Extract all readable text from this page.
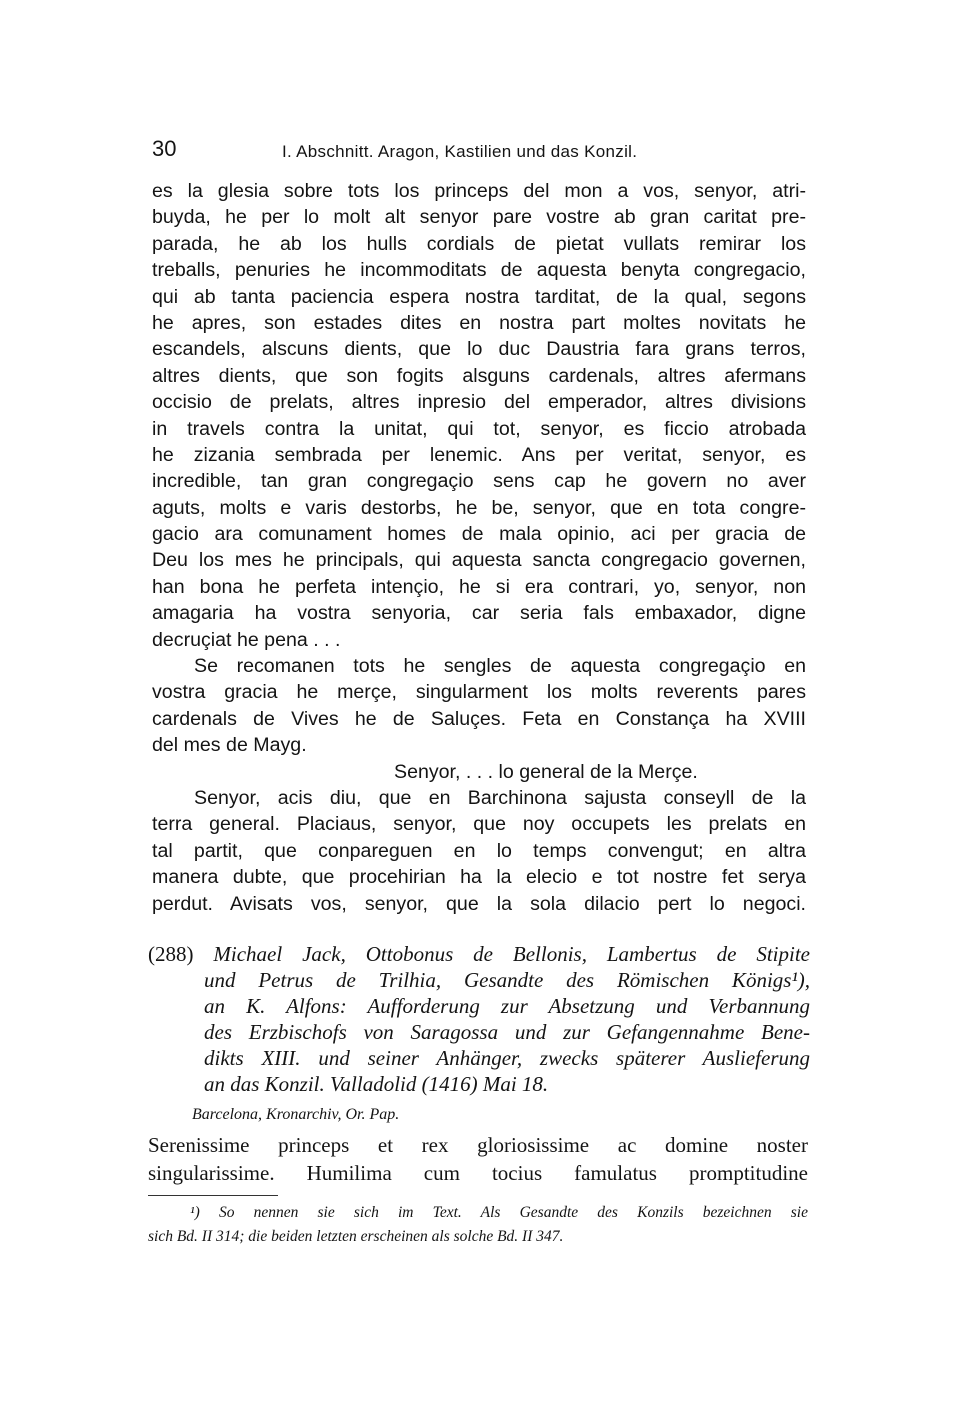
30	I. Abschnitt. Aragon, Kastilien und das Konzil.
es la glesia sobre tots los princeps del mon a vos, senyor, atri-
buyda, he per lo molt alt senyor pare vostre ab gran caritat pre-
parada, he ab los hulls cordials de pietat vullats remirar los
treballs, penuries he incommoditats de aquesta benyta congregacio,
qui ab tanta paciencia espera nostra tarditat, de la qual, segons
he apres, son estades dites en nostra part moltes novitats he
escandels, alscuns dients, que lo duc Daustria fara grans terros,
altres dients, que son fogits alsguns cardenals, altres afermans
occisio de prelats, altres inpresio del emperador, altres divisions
in travels contra la unitat, qui tot, senyor, es ficcio atrobada
he zizania sembrada per lenemic. Ans per veritat, senyor, es
incredible, tan gran congregaçio sens cap he govern no aver
aguts, molts e varis destorbs, he be, senyor, que en tota congre-
gacio ara comunament homes de mala opinio, aci per gracia de
Deu los mes he principals, qui aquesta sancta congregacio governen,
han bona he perfeta intençio, he si era contrari, yo, senyor, non
amagaria ha vostra senyoria, car seria fals embaxador, digne
decruçiat he pena . . .
Se recomanen tots he sengles de aquesta congregaçio en
vostra gracia he merçe, singularment los molts reverents pares
cardenals de Vives he de Saluçes. Feta en Constança ha XVIII
del mes de Mayg.
Senyor, . . . lo general de la Merçe.
Senyor, acis diu, que en Barchinona sajusta conseyll de la
terra general. Placiaus, senyor, que noy occupets les prelats en
tal partit, que conpareguen en lo temps convengut; en altra
manera dubte, que procehirian ha la elecio e tot nostre fet serya
perdut. Avisats vos, senyor, que la sola dilacio pert lo negoci.
(288) Michael Jack, Ottobonus de Bellonis, Lambertus de Stipite
und Petrus de Trilhia, Gesandte des Römischen Königs¹),
an K. Alfons: Aufforderung zur Absetzung und Verbannung
des Erzbischofs von Saragossa und zur Gefangennahme Bene-
dikts XIII. und seiner Anhänger, zwecks späterer Auslieferung
an das Konzil. Valladolid (1416) Mai 18.
Barcelona, Kronarchiv, Or. Pap.
Serenissime princeps et rex gloriosissime ac domine noster
singularissime. Humilima cum tocius famulatus promptitudine
¹) So nennen sie sich im Text. Als Gesandte des Konzils bezeichnen sie
sich Bd. II 314; die beiden letzten erscheinen als solche Bd. II 347.
